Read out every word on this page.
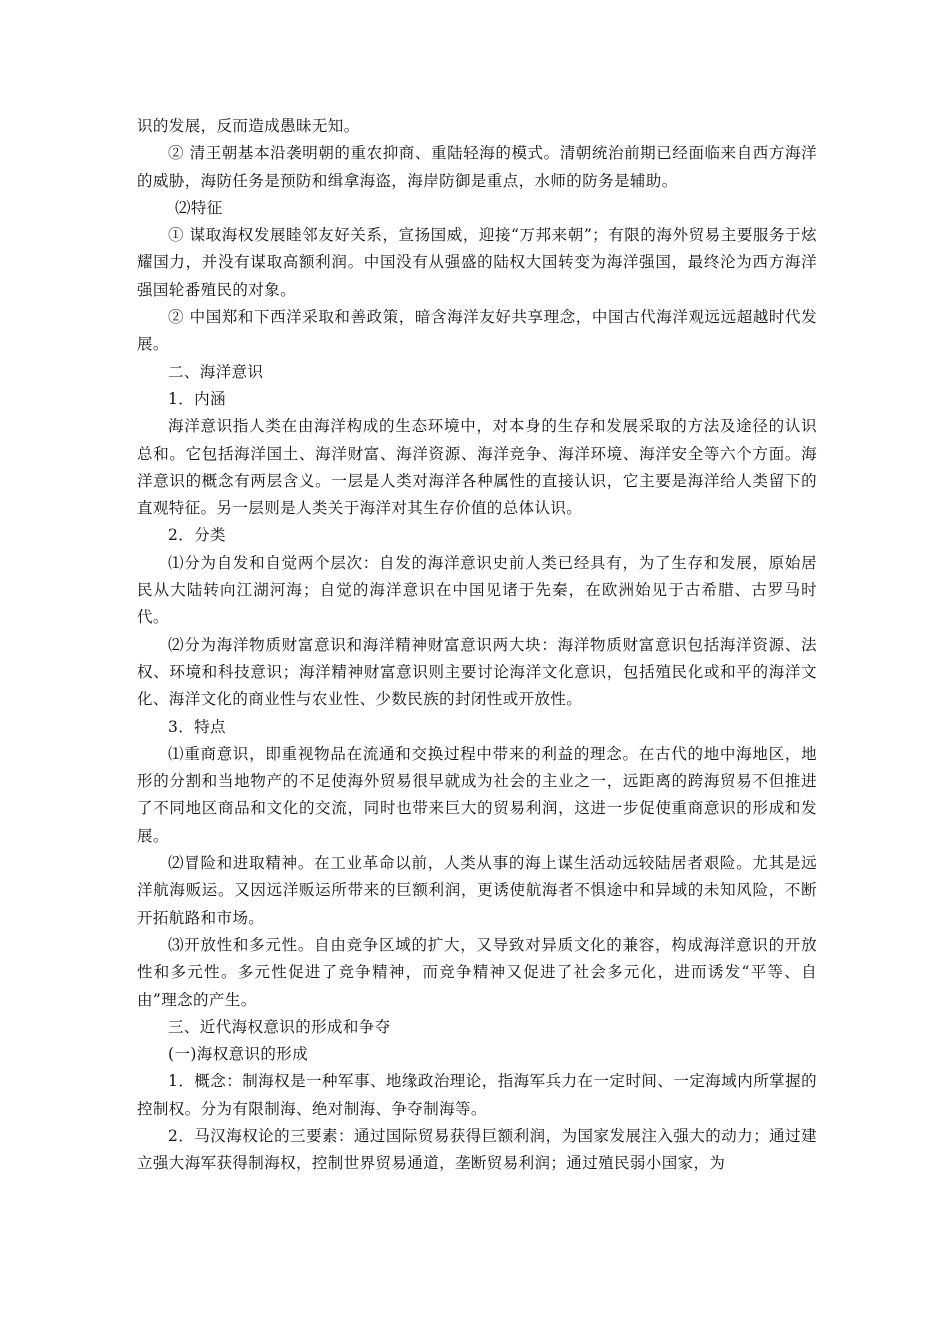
识的发展，反而造成愚昧无知。

② 清王朝基本沿袭明朝的重农抑商、重陆轻海的模式。清朝统治前期已经面临来自西方海洋的威胁，海防任务是预防和缉拿海盗，海岸防御是重点，水师的防务是辅助。

⑵特征

① 谋取海权发展睦邻友好关系，宣扬国威，迎接“万邦来朝”；有限的海外贸易主要服务于炫耀国力，并没有谋取高额利润。中国没有从强盛的陆权大国转变为海洋强国，最终沦为西方海洋强国轮番殖民的对象。

② 中国郑和下西洋采取和善政策，暗含海洋友好共享理念，中国古代海洋观远远超越时代发展。

二、海洋意识

1．内涵

海洋意识指人类在由海洋构成的生态环境中，对本身的生存和发展采取的方法及途径的认识总和。它包括海洋国土、海洋财富、海洋资源、海洋竞争、海洋环境、海洋安全等六个方面。海洋意识的概念有两层含义。一层是人类对海洋各种属性的直接认识，它主要是海洋给人类留下的直观特征。另一层则是人类关于海洋对其生存价值的总体认识。

2．分类

⑴分为自发和自觉两个层次：自发的海洋意识史前人类已经具有，为了生存和发展，原始居民从大陆转向江湖河海；自觉的海洋意识在中国见诸于先秦，在欧洲始见于古希腊、古罗马时代。

⑵分为海洋物质财富意识和海洋精神财富意识两大块：海洋物质财富意识包括海洋资源、法权、环境和科技意识；海洋精神财富意识则主要讨论海洋文化意识，包括殖民化或和平的海洋文化、海洋文化的商业性与农业性、少数民族的封闭性或开放性。

3．特点

⑴重商意识，即重视物品在流通和交换过程中带来的利益的理念。在古代的地中海地区，地形的分割和当地物产的不足使海外贸易很早就成为社会的主业之一，远距离的跨海贸易不但推进了不同地区商品和文化的交流，同时也带来巨大的贸易利润，这进一步促使重商意识的形成和发展。

⑵冒险和进取精神。在工业革命以前，人类从事的海上谋生活动远较陆居者艰险。尤其是远洋航海贩运。又因远洋贩运所带来的巨额利润，更诱使航海者不惧途中和异域的未知风险，不断开拓航路和市场。

⑶开放性和多元性。自由竞争区域的扩大，又导致对异质文化的兼容，构成海洋意识的开放性和多元性。多元性促进了竞争精神，而竞争精神又促进了社会多元化，进而诱发“平等、自由”理念的产生。

三、近代海权意识的形成和争夺

(一)海权意识的形成

1．概念：制海权是一种军事、地缘政治理论，指海军兵力在一定时间、一定海域内所掌握的控制权。分为有限制海、绝对制海、争夺制海等。

2．马汉海权论的三要素：通过国际贸易获得巨额利润，为国家发展注入强大的动力；通过建立强大海军获得制海权，控制世界贸易通道，垄断贸易利润；通过殖民弱小国家，为
